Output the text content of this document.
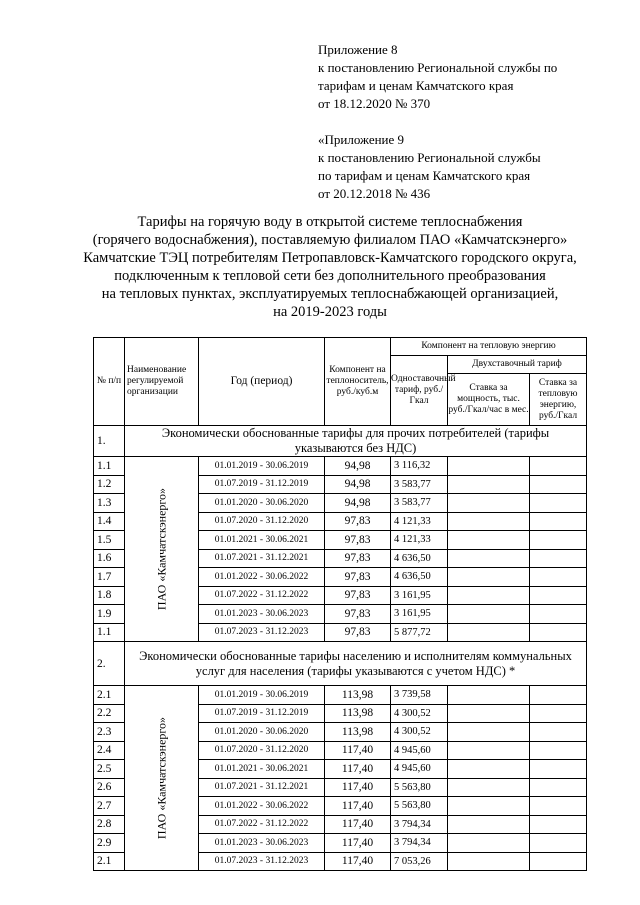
Приложение 8
к постановлению Региональной службы по
тарифам и ценам Камчатского края
от 18.12.2020 № 370
«Приложение 9
к постановлению Региональной службы
по тарифам и ценам Камчатского края
от 20.12.2018 № 436
Тарифы на горячую воду в открытой системе теплоснабжения
(горячего водоснабжения), поставляемую филиалом ПАО «Камчатскэнерго»
Камчатские ТЭЦ потребителям Петропавловск-Камчатского городского округа,
подключенным к тепловой сети без дополнительного преобразования
на тепловых пунктах, эксплуатируемых теплоснабжающей организацией,
на 2019-2023 годы
№ п/п	Наименование регулируемой организации	Год (период)	Компонент на теплоноситель, руб./куб.м	Компонент на тепловую энергию		
				Одноставочный тариф, руб./Гкал	Двухставочный тариф	
					Ставка за мощность, тыс. руб./Гкал/час в мес.	Ставка за тепловую энергию, руб./Гкал
1.	Экономически обоснованные тарифы для прочих потребителей (тарифы указываются без НДС)					
1.1	ПАО «Камчатскэнерго»	01.01.2019 - 30.06.2019	94,98	3 116,32		
1.2		01.07.2019 - 31.12.2019	94,98	3 583,77		
1.3		01.01.2020 - 30.06.2020	94,98	3 583,77		
1.4		01.07.2020 - 31.12.2020	97,83	4 121,33		
1.5		01.01.2021 - 30.06.2021	97,83	4 121,33		
1.6		01.07.2021 - 31.12.2021	97,83	4 636,50		
1.7		01.01.2022 - 30.06.2022	97,83	4 636,50		
1.8		01.07.2022 - 31.12.2022	97,83	3 161,95		
1.9		01.01.2023 - 30.06.2023	97,83	3 161,95		
1.1		01.07.2023 - 31.12.2023	97,83	5 877,72		
2.	Экономически обоснованные тарифы населению и исполнителям коммунальных услуг для населения (тарифы указываются с учетом НДС) *					
2.1	ПАО «Камчатскэнерго»	01.01.2019 - 30.06.2019	113,98	3 739,58		
2.2		01.07.2019 - 31.12.2019	113,98	4 300,52		
2.3		01.01.2020 - 30.06.2020	113,98	4 300,52		
2.4		01.07.2020 - 31.12.2020	117,40	4 945,60		
2.5		01.01.2021 - 30.06.2021	117,40	4 945,60		
2.6		01.07.2021 - 31.12.2021	117,40	5 563,80		
2.7		01.01.2022 - 30.06.2022	117,40	5 563,80		
2.8		01.07.2022 - 31.12.2022	117,40	3 794,34		
2.9		01.01.2023 - 30.06.2023	117,40	3 794,34		
2.1		01.07.2023 - 31.12.2023	117,40	7 053,26		
